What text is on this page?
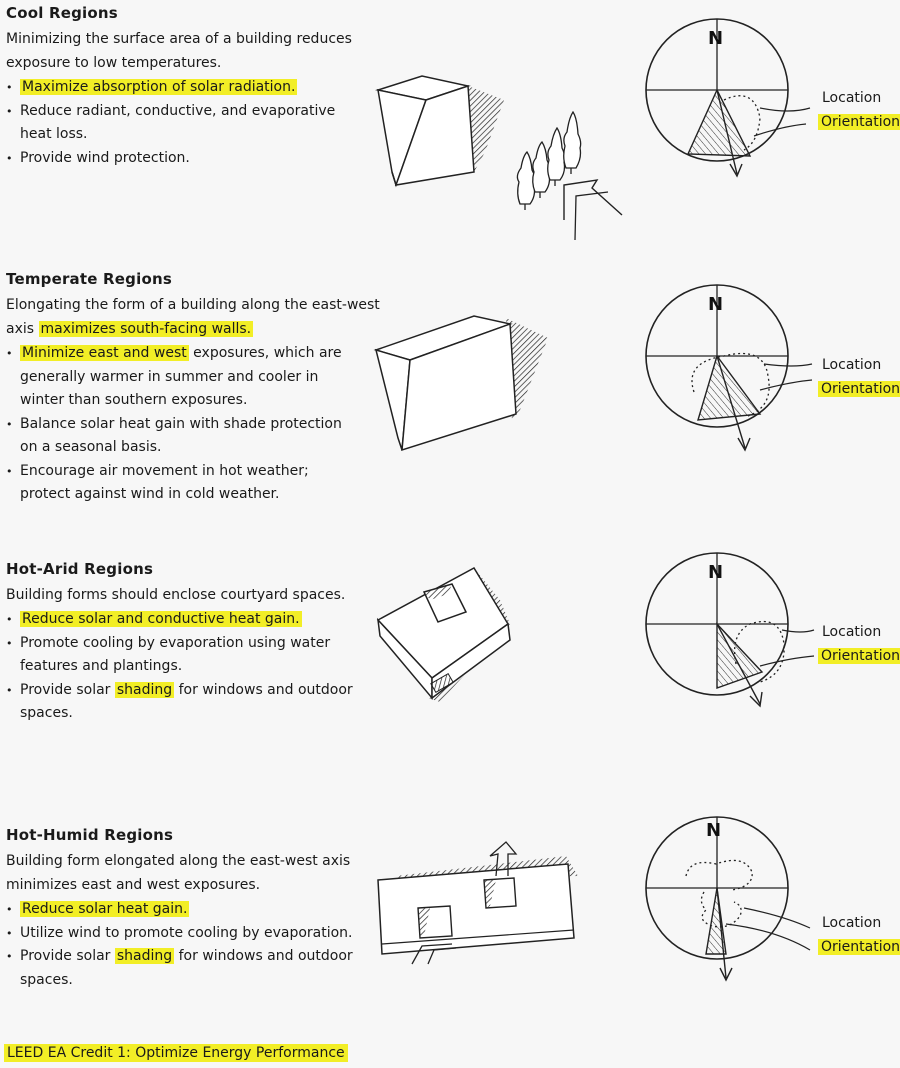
Cool Regions
Minimizing the surface area of a building reduces
exposure to low temperatures.
• Maximize absorption of solar radiation.
• Reduce radiant, conductive, and evaporative heat loss.
• Provide wind protection.
N
Location
Orientation
Temperate Regions
Elongating the form of a building along the east-west
axis maximizes south-facing walls.
• Minimize east and west exposures, which are generally warmer in summer and cooler in winter than southern exposures.
• Balance solar heat gain with shade protection on a seasonal basis.
• Encourage air movement in hot weather; protect against wind in cold weather.
N
Location
Orientation
Hot-Arid Regions
Building forms should enclose courtyard spaces.
• Reduce solar and conductive heat gain.
• Promote cooling by evaporation using water features and plantings.
• Provide solar shading for windows and outdoor spaces.
N
Location
Orientation
Hot-Humid Regions
Building form elongated along the east-west axis
minimizes east and west exposures.
• Reduce solar heat gain.
• Utilize wind to promote cooling by evaporation.
• Provide solar shading for windows and outdoor spaces.
N
Location
Orientation
LEED EA Credit 1: Optimize Energy Performance
